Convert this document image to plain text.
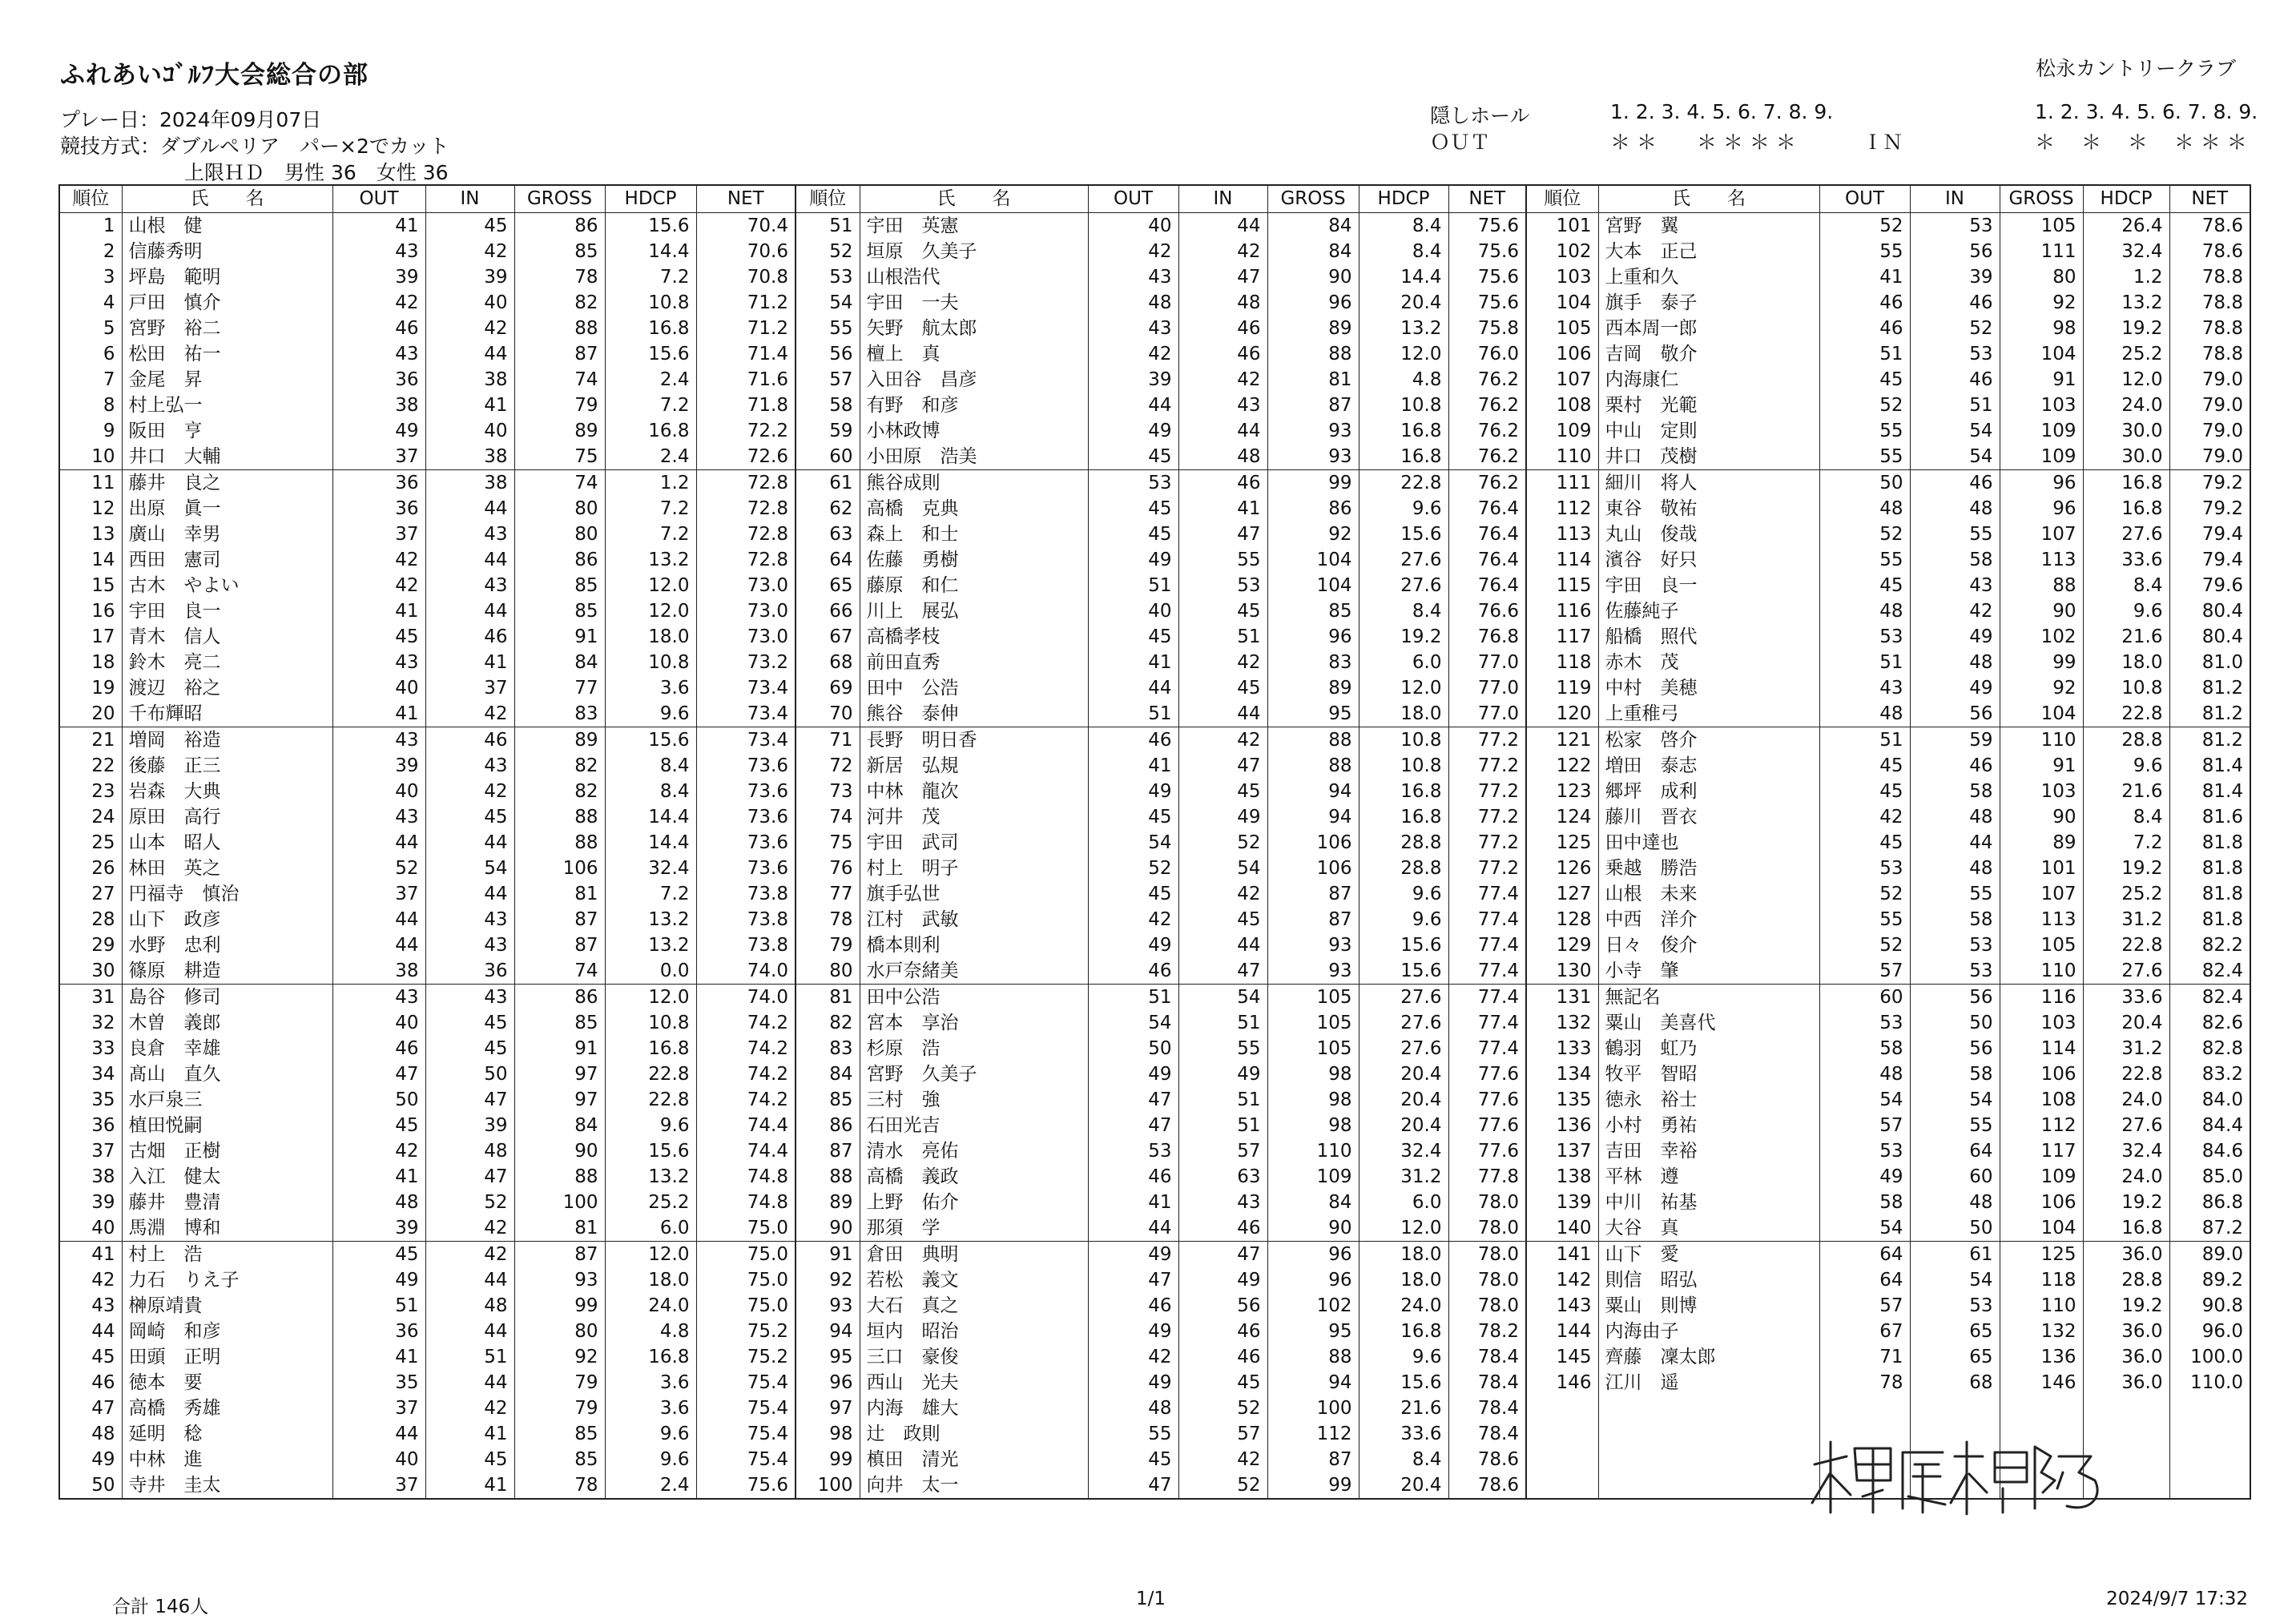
ふれあいｺﾞﾙﾌ大会総合の部	松永カントリークラブ
プレー日：2024年09月07日
競技方式：ダブルペリア　パー×2でカット
上限ＨＤ　男性 36　女性 36
隠しホール
ＯＵＴ
1. 2. 3. 4. 5. 6. 7. 8. 9.
＊ ＊　　＊ ＊ ＊ ＊	ＩＮ
1. 2. 3. 4. 5. 6. 7. 8. 9.
＊　 ＊　 ＊　 ＊ ＊ ＊
順位	氏　　名	OUT	IN	GROSS	HDCP	NET
1	山根　健	41	45	86	15.6	70.4
2	信藤秀明	43	42	85	14.4	70.6
3	坪島　範明	39	39	78	7.2	70.8
4	戸田　慎介	42	40	82	10.8	71.2
5	宮野　裕二	46	42	88	16.8	71.2
6	松田　祐一	43	44	87	15.6	71.4
7	金尾　昇	36	38	74	2.4	71.6
8	村上弘一	38	41	79	7.2	71.8
9	阪田　亨	49	40	89	16.8	72.2
10	井口　大輔	37	38	75	2.4	72.6
11	藤井　良之	36	38	74	1.2	72.8
12	出原　眞一	36	44	80	7.2	72.8
13	廣山　幸男	37	43	80	7.2	72.8
14	西田　憲司	42	44	86	13.2	72.8
15	古木　やよい	42	43	85	12.0	73.0
16	宇田　良一	41	44	85	12.0	73.0
17	青木　信人	45	46	91	18.0	73.0
18	鈴木　亮二	43	41	84	10.8	73.2
19	渡辺　裕之	40	37	77	3.6	73.4
20	千布輝昭	41	42	83	9.6	73.4
21	増岡　裕造	43	46	89	15.6	73.4
22	後藤　正三	39	43	82	8.4	73.6
23	岩森　大典	40	42	82	8.4	73.6
24	原田　高行	43	45	88	14.4	73.6
25	山本　昭人	44	44	88	14.4	73.6
26	林田　英之	52	54	106	32.4	73.6
27	円福寺　慎治	37	44	81	7.2	73.8
28	山下　政彦	44	43	87	13.2	73.8
29	水野　忠利	44	43	87	13.2	73.8
30	篠原　耕造	38	36	74	0.0	74.0
31	島谷　修司	43	43	86	12.0	74.0
32	木曽　義郎	40	45	85	10.8	74.2
33	良倉　幸雄	46	45	91	16.8	74.2
34	髙山　直久	47	50	97	22.8	74.2
35	水戸泉三	50	47	97	22.8	74.2
36	植田悦嗣	45	39	84	9.6	74.4
37	古畑　正樹	42	48	90	15.6	74.4
38	入江　健太	41	47	88	13.2	74.8
39	藤井　豊清	48	52	100	25.2	74.8
40	馬淵　博和	39	42	81	6.0	75.0
41	村上　浩	45	42	87	12.0	75.0
42	力石　りえ子	49	44	93	18.0	75.0
43	榊原靖貴	51	48	99	24.0	75.0
44	岡崎　和彦	36	44	80	4.8	75.2
45	田頭　正明	41	51	92	16.8	75.2
46	徳本　要	35	44	79	3.6	75.4
47	高橋　秀雄	37	42	79	3.6	75.4
48	延明　稔	44	41	85	9.6	75.4
49	中林　進	40	45	85	9.6	75.4
50	寺井　圭太	37	41	78	2.4	75.6
順位	氏　　名	OUT	IN	GROSS	HDCP	NET
51	宇田　英憲	40	44	84	8.4	75.6
52	垣原　久美子	42	42	84	8.4	75.6
53	山根浩代	43	47	90	14.4	75.6
54	宇田　一夫	48	48	96	20.4	75.6
55	矢野　航太郎	43	46	89	13.2	75.8
56	檀上　真	42	46	88	12.0	76.0
57	入田谷　昌彦	39	42	81	4.8	76.2
58	有野　和彦	44	43	87	10.8	76.2
59	小林政博	49	44	93	16.8	76.2
60	小田原　浩美	45	48	93	16.8	76.2
61	熊谷成則	53	46	99	22.8	76.2
62	高橋　克典	45	41	86	9.6	76.4
63	森上　和士	45	47	92	15.6	76.4
64	佐藤　勇樹	49	55	104	27.6	76.4
65	藤原　和仁	51	53	104	27.6	76.4
66	川上　展弘	40	45	85	8.4	76.6
67	高橋孝枝	45	51	96	19.2	76.8
68	前田直秀	41	42	83	6.0	77.0
69	田中　公浩	44	45	89	12.0	77.0
70	熊谷　泰伸	51	44	95	18.0	77.0
71	長野　明日香	46	42	88	10.8	77.2
72	新居　弘規	41	47	88	10.8	77.2
73	中林　龍次	49	45	94	16.8	77.2
74	河井　茂	45	49	94	16.8	77.2
75	宇田　武司	54	52	106	28.8	77.2
76	村上　明子	52	54	106	28.8	77.2
77	旗手弘世	45	42	87	9.6	77.4
78	江村　武敏	42	45	87	9.6	77.4
79	橋本則利	49	44	93	15.6	77.4
80	水戸奈緒美	46	47	93	15.6	77.4
81	田中公浩	51	54	105	27.6	77.4
82	宮本　享治	54	51	105	27.6	77.4
83	杉原　浩	50	55	105	27.6	77.4
84	宮野　久美子	49	49	98	20.4	77.6
85	三村　強	47	51	98	20.4	77.6
86	石田光吉	47	51	98	20.4	77.6
87	清水　亮佑	53	57	110	32.4	77.6
88	高橋　義政	46	63	109	31.2	77.8
89	上野　佑介	41	43	84	6.0	78.0
90	那須　学	44	46	90	12.0	78.0
91	倉田　典明	49	47	96	18.0	78.0
92	若松　義文	47	49	96	18.0	78.0
93	大石　真之	46	56	102	24.0	78.0
94	垣内　昭治	49	46	95	16.8	78.2
95	三口　豪俊	42	46	88	9.6	78.4
96	西山　光夫	49	45	94	15.6	78.4
97	内海　雄大	48	52	100	21.6	78.4
98	辻　政則	55	57	112	33.6	78.4
99	槙田　清光	45	42	87	8.4	78.6
100	向井　太一	47	52	99	20.4	78.6
順位	氏　　名	OUT	IN	GROSS	HDCP	NET
101	宮野　翼	52	53	105	26.4	78.6
102	大本　正己	55	56	111	32.4	78.6
103	上重和久	41	39	80	1.2	78.8
104	旗手　泰子	46	46	92	13.2	78.8
105	西本周一郎	46	52	98	19.2	78.8
106	吉岡　敬介	51	53	104	25.2	78.8
107	内海康仁	45	46	91	12.0	79.0
108	栗村　光範	52	51	103	24.0	79.0
109	中山　定則	55	54	109	30.0	79.0
110	井口　茂樹	55	54	109	30.0	79.0
111	細川　将人	50	46	96	16.8	79.2
112	東谷　敬祐	48	48	96	16.8	79.2
113	丸山　俊哉	52	55	107	27.6	79.4
114	濱谷　好只	55	58	113	33.6	79.4
115	宇田　良一	45	43	88	8.4	79.6
116	佐藤純子	48	42	90	9.6	80.4
117	船橋　照代	53	49	102	21.6	80.4
118	赤木　茂	51	48	99	18.0	81.0
119	中村　美穂	43	49	92	10.8	81.2
120	上重稚弓	48	56	104	22.8	81.2
121	松家　啓介	51	59	110	28.8	81.2
122	増田　泰志	45	46	91	9.6	81.4
123	郷坪　成利	45	58	103	21.6	81.4
124	藤川　晋衣	42	48	90	8.4	81.6
125	田中達也	45	44	89	7.2	81.8
126	乗越　勝浩	53	48	101	19.2	81.8
127	山根　未来	52	55	107	25.2	81.8
128	中西　洋介	55	58	113	31.2	81.8
129	日々　俊介	52	53	105	22.8	82.2
130	小寺　肇	57	53	110	27.6	82.4
131	無記名	60	56	116	33.6	82.4
132	粟山　美喜代	53	50	103	20.4	82.6
133	鶴羽　虹乃	58	56	114	31.2	82.8
134	牧平　智昭	48	58	106	22.8	83.2
135	徳永　裕士	54	54	108	24.0	84.0
136	小村　勇祐	57	55	112	27.6	84.4
137	吉田　幸裕	53	64	117	32.4	84.6
138	平林　遵	49	60	109	24.0	85.0
139	中川　祐基	58	48	106	19.2	86.8
140	大谷　真	54	50	104	16.8	87.2
141	山下　愛	64	61	125	36.0	89.0
142	則信　昭弘	64	54	118	28.8	89.2
143	粟山　則博	57	53	110	19.2	90.8
144	内海由子	67	65	132	36.0	96.0
145	齊藤　凜太郎	71	65	136	36.0	100.0
146	江川　遥	78	68	146	36.0	110.0

合計 146人	1/1	2024/9/7 17:32
